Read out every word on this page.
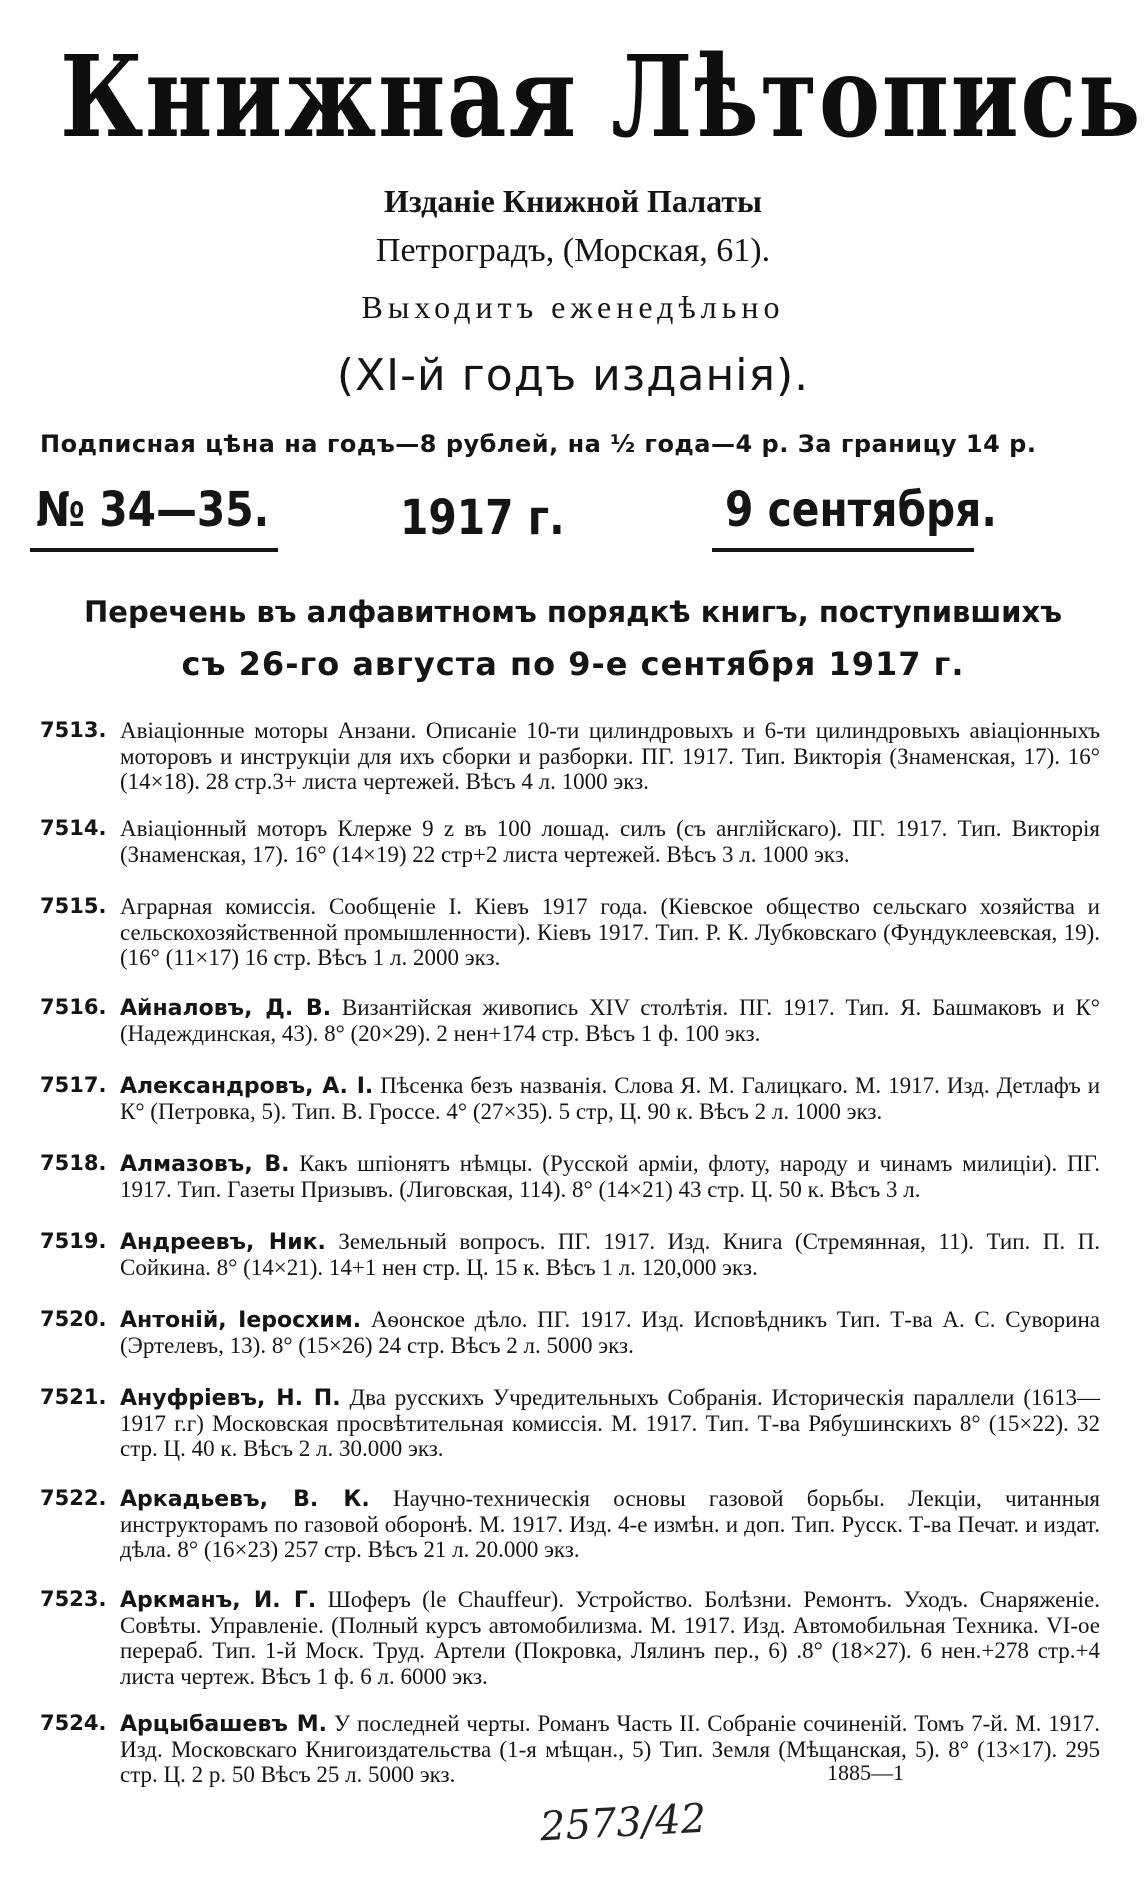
Книжная Лѣтопись
Изданіе Книжной Палаты
Петроградъ, (Морская, 61).
Выходитъ еженедѣльно
(XI-й годъ изданія).
Подписная цѣна на годъ—8 рублей, на ½ года—4 р. За границу 14 р.
№ 34—35.	1917 г.	9 сентября.
Перечень въ алфавитномъ порядкѣ книгъ, поступившихъ
съ 26-го августа по 9-е сентября 1917 г.
7513. Авіаціонные моторы Анзани. Описаніе 10-ти цилиндровыхъ и 6-ти цилиндровыхъ авіаціонныхъ моторовъ и инструкціи для ихъ сборки и разборки. ПГ. 1917. Тип. Викторія (Знаменская, 17). 16° (14×18). 28 стр.3+ листа чертежей. Вѣсъ 4 л. 1000 экз.
7514. Авіаціонный моторъ Клерже 9 z въ 100 лошад. силъ (съ англійскаго). ПГ. 1917. Тип. Викторія (Знаменская, 17). 16° (14×19) 22 стр+2 листа чертежей. Вѣсъ 3 л. 1000 экз.
7515. Аграрная комиссія. Сообщеніе I. Кіевъ 1917 года. (Кіевское общество сельскаго хозяйства и сельскохозяйственной промышленности). Кіевъ 1917. Тип. Р. К. Лубковскаго (Фундуклеевская, 19). (16° (11×17) 16 стр. Вѣсъ 1 л. 2000 экз.
7516. Айналовъ, Д. В. Византійская живопись XIV столѣтія. ПГ. 1917. Тип. Я. Башмаковъ и К° (Надеждинская, 43). 8° (20×29). 2 нен+174 стр. Вѣсъ 1 ф. 100 экз.
7517. Александровъ, А. I. Пѣсенка безъ названія. Слова Я. М. Галицкаго. М. 1917. Изд. Детлафъ и К° (Петровка, 5). Тип. В. Гроссе. 4° (27×35). 5 стр, Ц. 90 к. Вѣсъ 2 л. 1000 экз.
7518. Алмазовъ, В. Какъ шпіонятъ нѣмцы. (Русской арміи, флоту, народу и чинамъ милиціи). ПГ. 1917. Тип. Газеты Призывъ. (Лиговская, 114). 8° (14×21) 43 стр. Ц. 50 к. Вѣсъ 3 л.
7519. Андреевъ, Ник. Земельный вопросъ. ПГ. 1917. Изд. Книга (Стремянная, 11). Тип. П. П. Сойкина. 8° (14×21). 14+1 нен стр. Ц. 15 к. Вѣсъ 1 л. 120,000 экз.
7520. Антоній, Іеросхим. Аѳонское дѣло. ПГ. 1917. Изд. Исповѣдникъ Тип. Т-ва А. С. Суворина (Эртелевъ, 13). 8° (15×26) 24 стр. Вѣсъ 2 л. 5000 экз.
7521. Ануфріевъ, Н. П. Два русскихъ Учредительныхъ Собранія. Историческія параллели (1613—1917 г.г) Московская просвѣтительная комиссія. М. 1917. Тип. Т-ва Рябушинскихъ 8° (15×22). 32 стр. Ц. 40 к. Вѣсъ 2 л. 30.000 экз.
7522. Аркадьевъ, В. К. Научно-техническія основы газовой борьбы. Лекціи, читанныя инструкторамъ по газовой оборонѣ. М. 1917. Изд. 4-е измѣн. и доп. Тип. Русск. Т-ва Печат. и издат. дѣла. 8° (16×23) 257 стр. Вѣсъ 21 л. 20.000 экз.
7523. Аркманъ, И. Г. Шоферъ (le Chauffeur). Устройство. Болѣзни. Ремонтъ. Уходъ. Снаряженіе. Совѣты. Управленіе. (Полный курсъ автомобилизма. М. 1917. Изд. Автомобильная Техника. VI-ое перераб. Тип. 1-й Моск. Труд. Артели (Покровка, Лялинъ пер., 6) .8° (18×27). 6 нен.+278 стр.+4 листа чертеж. Вѣсъ 1 ф. 6 л. 6000 экз.
7524. Арцыбашевъ М. У последней черты. Романъ Часть II. Собраніе сочиненій. Томъ 7-й. М. 1917. Изд. Московскаго Книгоиздательства (1-я мѣщан., 5) Тип. Земля (Мѣщанская, 5). 8° (13×17). 295 стр. Ц. 2 р. 50 Вѣсъ 25 л. 5000 экз.	1885—1
2573/42
